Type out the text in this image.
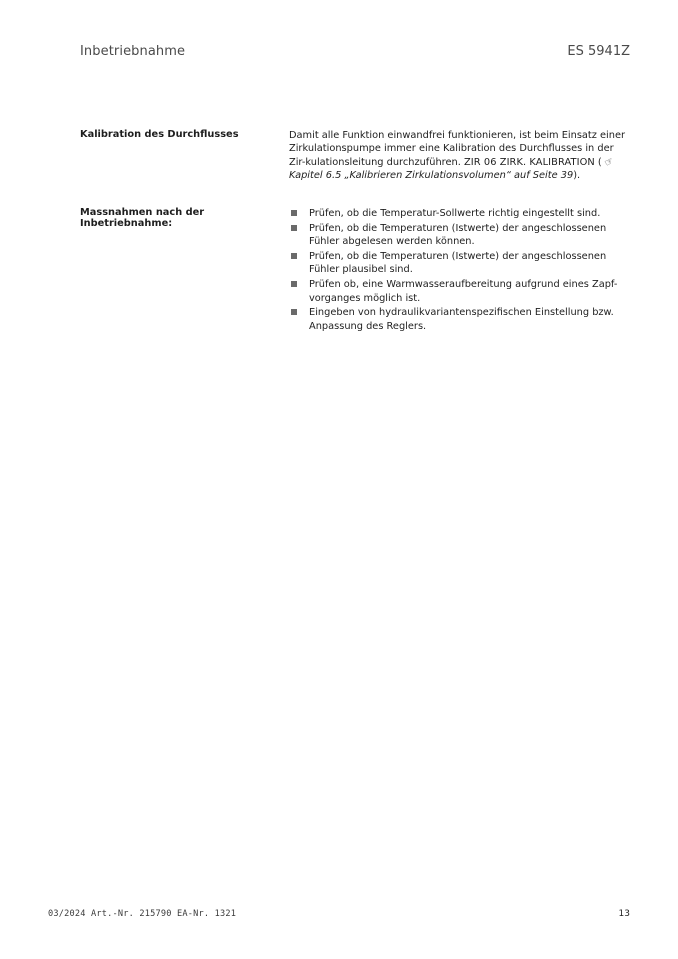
Inbetriebnahme	ES 5941Z
Kalibration des Durchflusses	Damit alle Funktion einwandfrei funktionieren, ist beim Einsatz einer Zirkulationspumpe immer eine Kalibration des Durchflusses in der Zir-kulationsleitung durchzuführen. ZIR 06 ZIRK. KALIBRATION ( ☞ Kapitel 6.5 „Kalibrieren Zirkulationsvolumen“ auf Seite 39).

Massnahmen nach der Inbetriebnahme:
Prüfen, ob die Temperatur-Sollwerte richtig eingestellt sind.
Prüfen, ob die Temperaturen (Istwerte) der angeschlossenen Fühler abgelesen werden können.
Prüfen, ob die Temperaturen (Istwerte) der angeschlossenen Fühler plausibel sind.
Prüfen ob, eine Warmwasseraufbereitung aufgrund eines Zapf-vorganges möglich ist.
Eingeben von hydraulikvariantenspezifischen Einstellung bzw. Anpassung des Reglers.
03/2024 Art.-Nr. 215790 EA-Nr. 1321	13
